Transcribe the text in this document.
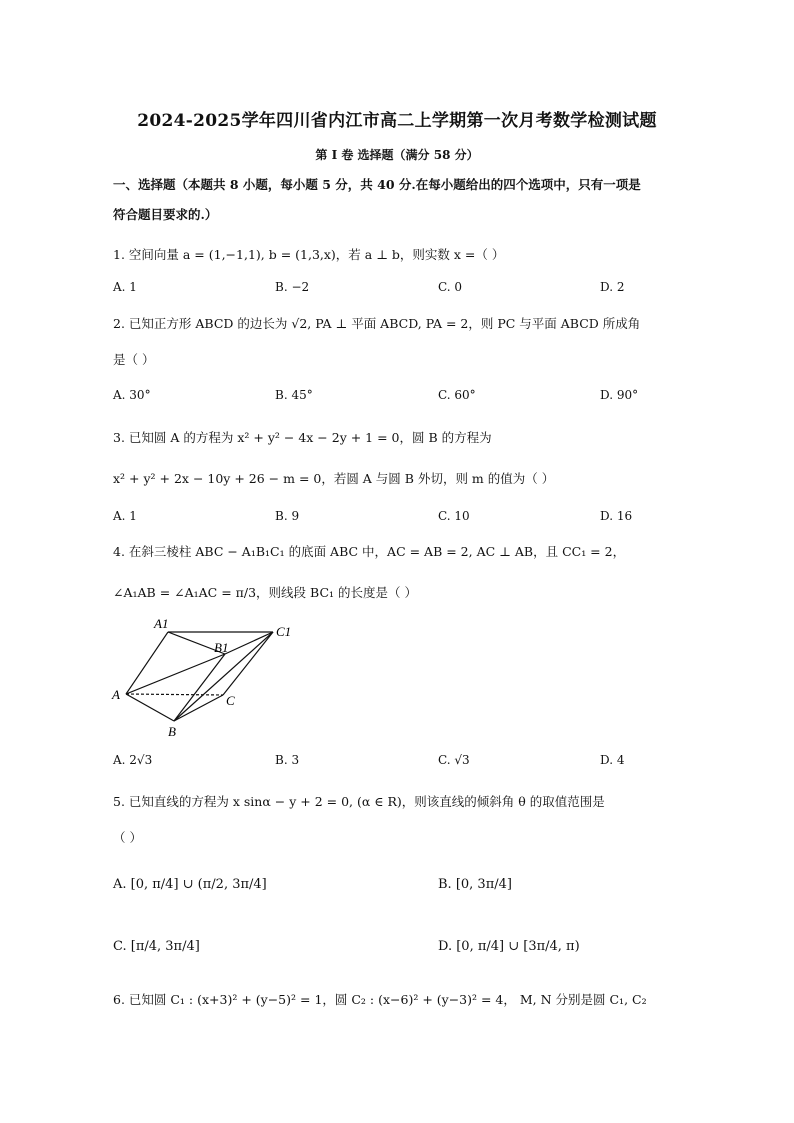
2024-2025学年四川省内江市高二上学期第一次月考数学检测试题
第 I 卷 选择题（满分 58 分）
一、选择题（本题共 8 小题，每小题 5 分，共 40 分.在每小题给出的四个选项中，只有一项是
符合题目要求的.）
1. 空间向量 a = (1,−1,1), b = (1,3,x)，若 a ⊥ b，则实数 x =（ ）
A. 1	B. −2	C. 0	D. 2
2. 已知正方形 ABCD 的边长为 √2, PA ⊥ 平面 ABCD, PA = 2，则 PC 与平面 ABCD 所成角
是（ ）
A. 30°	B. 45°	C. 60°	D. 90°
3. 已知圆 A 的方程为 x² + y² − 4x − 2y + 1 = 0，圆 B 的方程为
x² + y² + 2x − 10y + 26 − m = 0，若圆 A 与圆 B 外切，则 m 的值为（ ）
A. 1	B. 9	C. 10	D. 16
4. 在斜三棱柱 ABC − A₁B₁C₁ 的底面 ABC 中，AC = AB = 2, AC ⊥ AB，且 CC₁ = 2，
∠A₁AB = ∠A₁AC = π/3，则线段 BC₁ 的长度是（ ）
A1
B1
C1
A
B
C
A. 2√3	B. 3	C. √3	D. 4
5. 已知直线的方程为 x sinα − y + 2 = 0, (α ∈ R)，则该直线的倾斜角 θ 的取值范围是
（ ）
A. [0, π/4] ∪ (π/2, 3π/4]	B. [0, 3π/4]
C. [π/4, 3π/4]	D. [0, π/4] ∪ [3π/4, π)
6. 已知圆 C₁ : (x+3)² + (y−5)² = 1，圆 C₂ : (x−6)² + (y−3)² = 4， M, N 分别是圆 C₁, C₂
